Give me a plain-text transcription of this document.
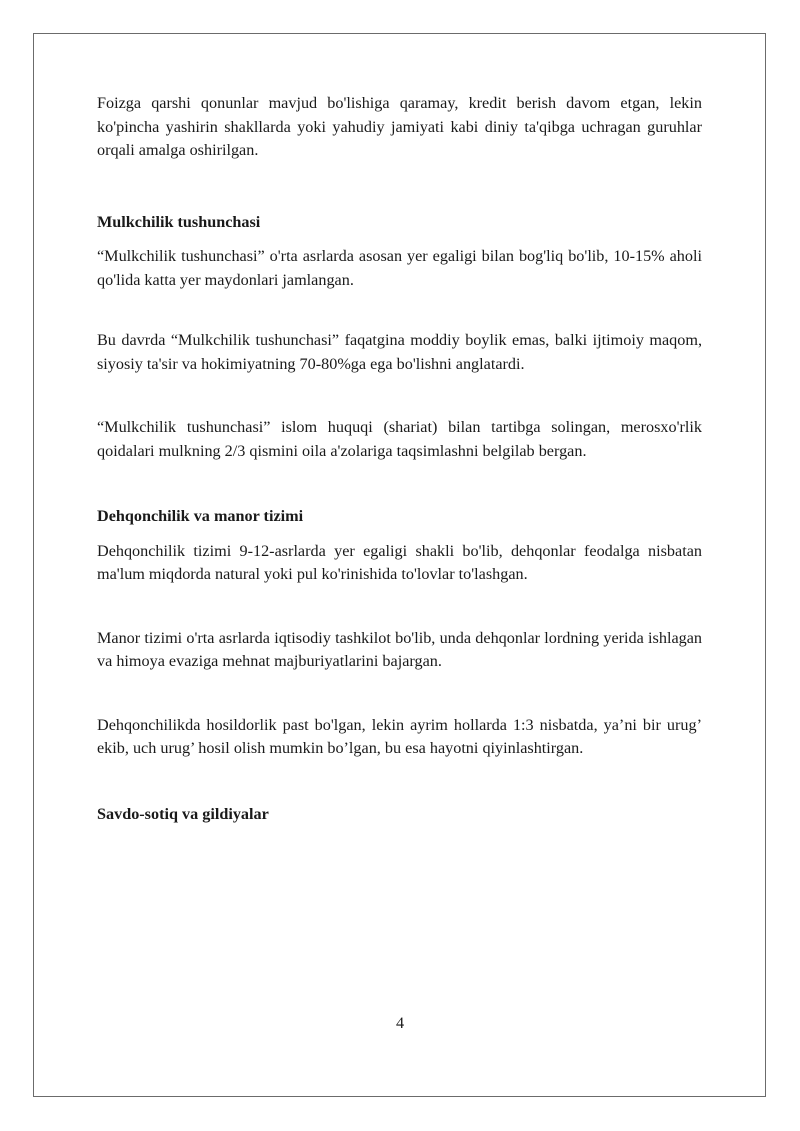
Foizga qarshi qonunlar mavjud bo'lishiga qaramay, kredit berish davom etgan, lekin ko'pincha yashirin shakllarda yoki yahudiy jamiyati kabi diniy ta'qibga uchragan guruhlar orqali amalga oshirilgan.

Mulkchilik tushunchasi

“Mulkchilik tushunchasi” o'rta asrlarda asosan yer egaligi bilan bog'liq bo'lib, 10-15% aholi qo'lida katta yer maydonlari jamlangan.

Bu davrda “Mulkchilik tushunchasi” faqatgina moddiy boylik emas, balki ijtimoiy maqom, siyosiy ta'sir va hokimiyatning 70-80%ga ega bo'lishni anglatardi.

“Mulkchilik tushunchasi” islom huquqi (shariat) bilan tartibga solingan, merosxo'rlik qoidalari mulkning 2/3 qismini oila a'zolariga taqsimlashni belgilab bergan.

Dehqonchilik va manor tizimi

Dehqonchilik tizimi 9-12-asrlarda yer egaligi shakli bo'lib, dehqonlar feodalga nisbatan ma'lum miqdorda natural yoki pul ko'rinishida to'lovlar to'lashgan.

Manor tizimi o'rta asrlarda iqtisodiy tashkilot bo'lib, unda dehqonlar lordning yerida ishlagan va himoya evaziga mehnat majburiyatlarini bajargan.

Dehqonchilikda hosildorlik past bo'lgan, lekin ayrim hollarda 1:3 nisbatda, ya’ni bir urug’ ekib, uch urug’ hosil olish mumkin bo’lgan, bu esa hayotni qiyinlashtirgan.

Savdo-sotiq va gildiyalar

4
